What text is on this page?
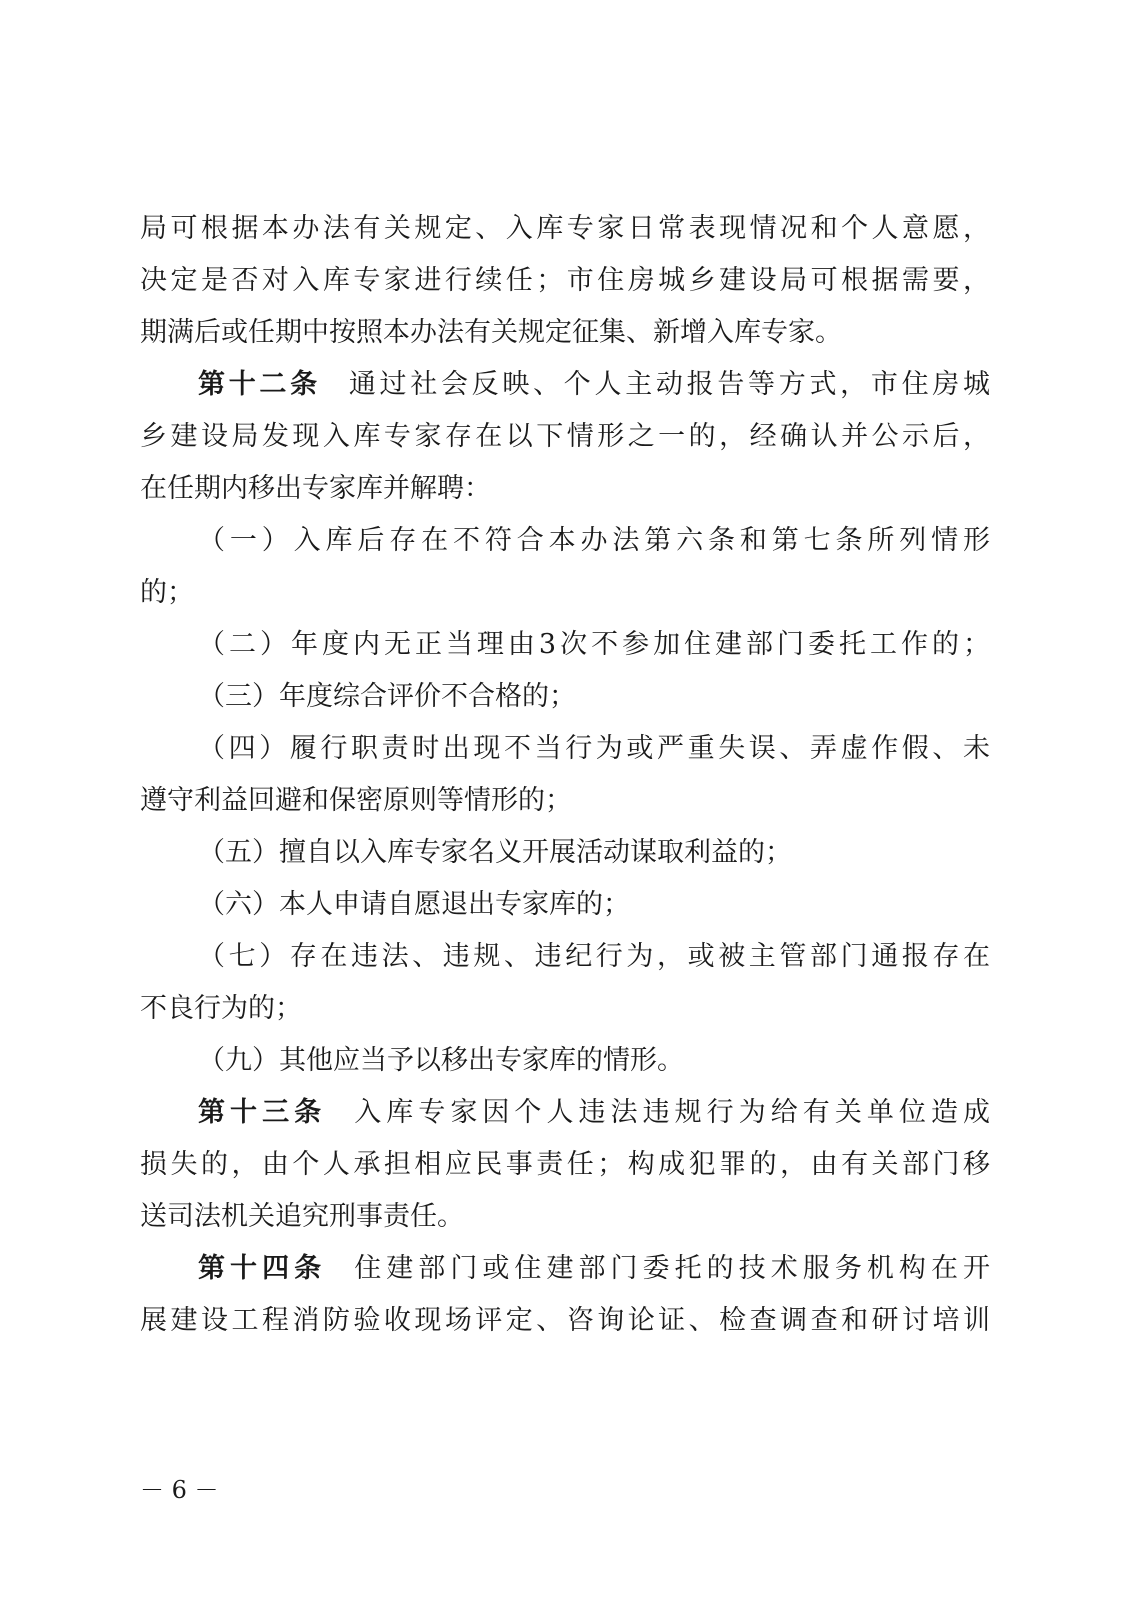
局可根据本办法有关规定、入库专家日常表现情况和个人意愿，
决定是否对入库专家进行续任；市住房城乡建设局可根据需要，
期满后或任期中按照本办法有关规定征集、新增入库专家。
第十二条 通过社会反映、个人主动报告等方式，市住房城
乡建设局发现入库专家存在以下情形之一的，经确认并公示后，
在任期内移出专家库并解聘：
（一）入库后存在不符合本办法第六条和第七条所列情形
的；
（二）年度内无正当理由3次不参加住建部门委托工作的；
（三）年度综合评价不合格的；
（四）履行职责时出现不当行为或严重失误、弄虚作假、未
遵守利益回避和保密原则等情形的；
（五）擅自以入库专家名义开展活动谋取利益的；
（六）本人申请自愿退出专家库的；
（七）存在违法、违规、违纪行为，或被主管部门通报存在
不良行为的；
（九）其他应当予以移出专家库的情形。
第十三条 入库专家因个人违法违规行为给有关单位造成
损失的，由个人承担相应民事责任；构成犯罪的，由有关部门移
送司法机关追究刑事责任。
第十四条 住建部门或住建部门委托的技术服务机构在开
展建设工程消防验收现场评定、咨询论证、检查调查和研讨培训
－ 6 －
